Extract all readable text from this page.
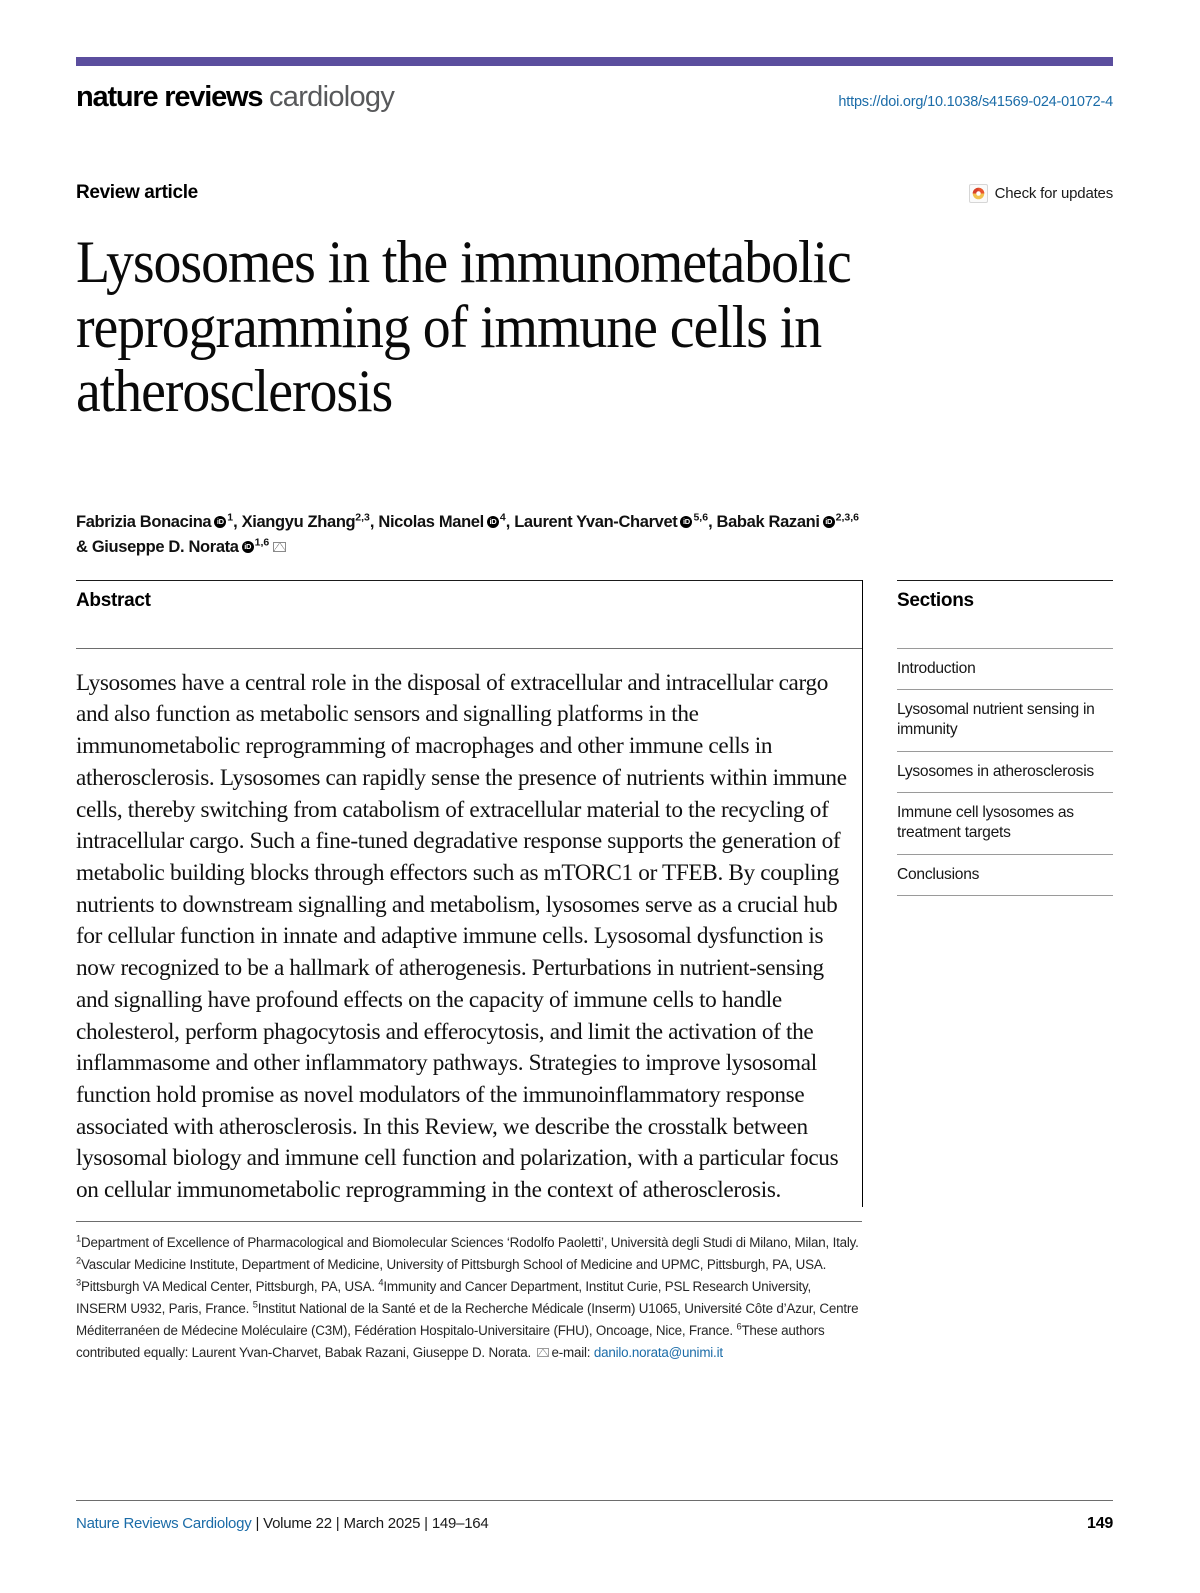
nature reviews cardiology	https://doi.org/10.1038/s41569-024-01072-4
Review article	Check for updates
Lysosomes in the immunometabolic reprogramming of immune cells in atherosclerosis
Fabrizia Bonacina iD $^1$, Xiangyu Zhang$^{2,3}$, Nicolas Manel iD $^4$, Laurent Yvan-Charvet iD $^{5,6}$, Babak Razani iD $^{2,3,6}$
& Giuseppe D. Norata iD $^{1,6}$
Abstract

Lysosomes have a central role in the disposal of extracellular and intracellular cargo and also function as metabolic sensors and signalling platforms in the immunometabolic reprogramming of macrophages and other immune cells in atherosclerosis. Lysosomes can rapidly sense the presence of nutrients within immune cells, thereby switching from catabolism of extracellular material to the recycling of intracellular cargo. Such a fine-tuned degradative response supports the generation of metabolic building blocks through effectors such as mTORC1 or TFEB. By coupling nutrients to downstream signalling and metabolism, lysosomes serve as a crucial hub for cellular function in innate and adaptive immune cells. Lysosomal dysfunction is now recognized to be a hallmark of atherogenesis. Perturbations in nutrient-sensing and signalling have profound effects on the capacity of immune cells to handle cholesterol, perform phagocytosis and efferocytosis, and limit the activation of the inflammasome and other inflammatory pathways. Strategies to improve lysosomal function hold promise as novel modulators of the immunoinflammatory response associated with atherosclerosis. In this Review, we describe the crosstalk between lysosomal biology and immune cell function and polarization, with a particular focus on cellular immunometabolic reprogramming in the context of atherosclerosis.

Sections
Introduction
Lysosomal nutrient sensing in immunity
Lysosomes in atherosclerosis
Immune cell lysosomes as treatment targets
Conclusions

$^1$Department of Excellence of Pharmacological and Biomolecular Sciences ‘Rodolfo Paoletti’, Università degli Studi di Milano, Milan, Italy. $^2$Vascular Medicine Institute, Department of Medicine, University of Pittsburgh School of Medicine and UPMC, Pittsburgh, PA, USA. $^3$Pittsburgh VA Medical Center, Pittsburgh, PA, USA. $^4$Immunity and Cancer Department, Institut Curie, PSL Research University, INSERM U932, Paris, France. $^5$Institut National de la Santé et de la Recherche Médicale (Inserm) U1065, Université Côte d’Azur, Centre Méditerranéen de Médecine Moléculaire (C3M), Fédération Hospitalo-Universitaire (FHU), Oncoage, Nice, France. $^6$These authors contributed equally: Laurent Yvan-Charvet, Babak Razani, Giuseppe D. Norata. e-mail: danilo.norata@unimi.it

Nature Reviews Cardiology | Volume 22 | March 2025 | 149–164	149
